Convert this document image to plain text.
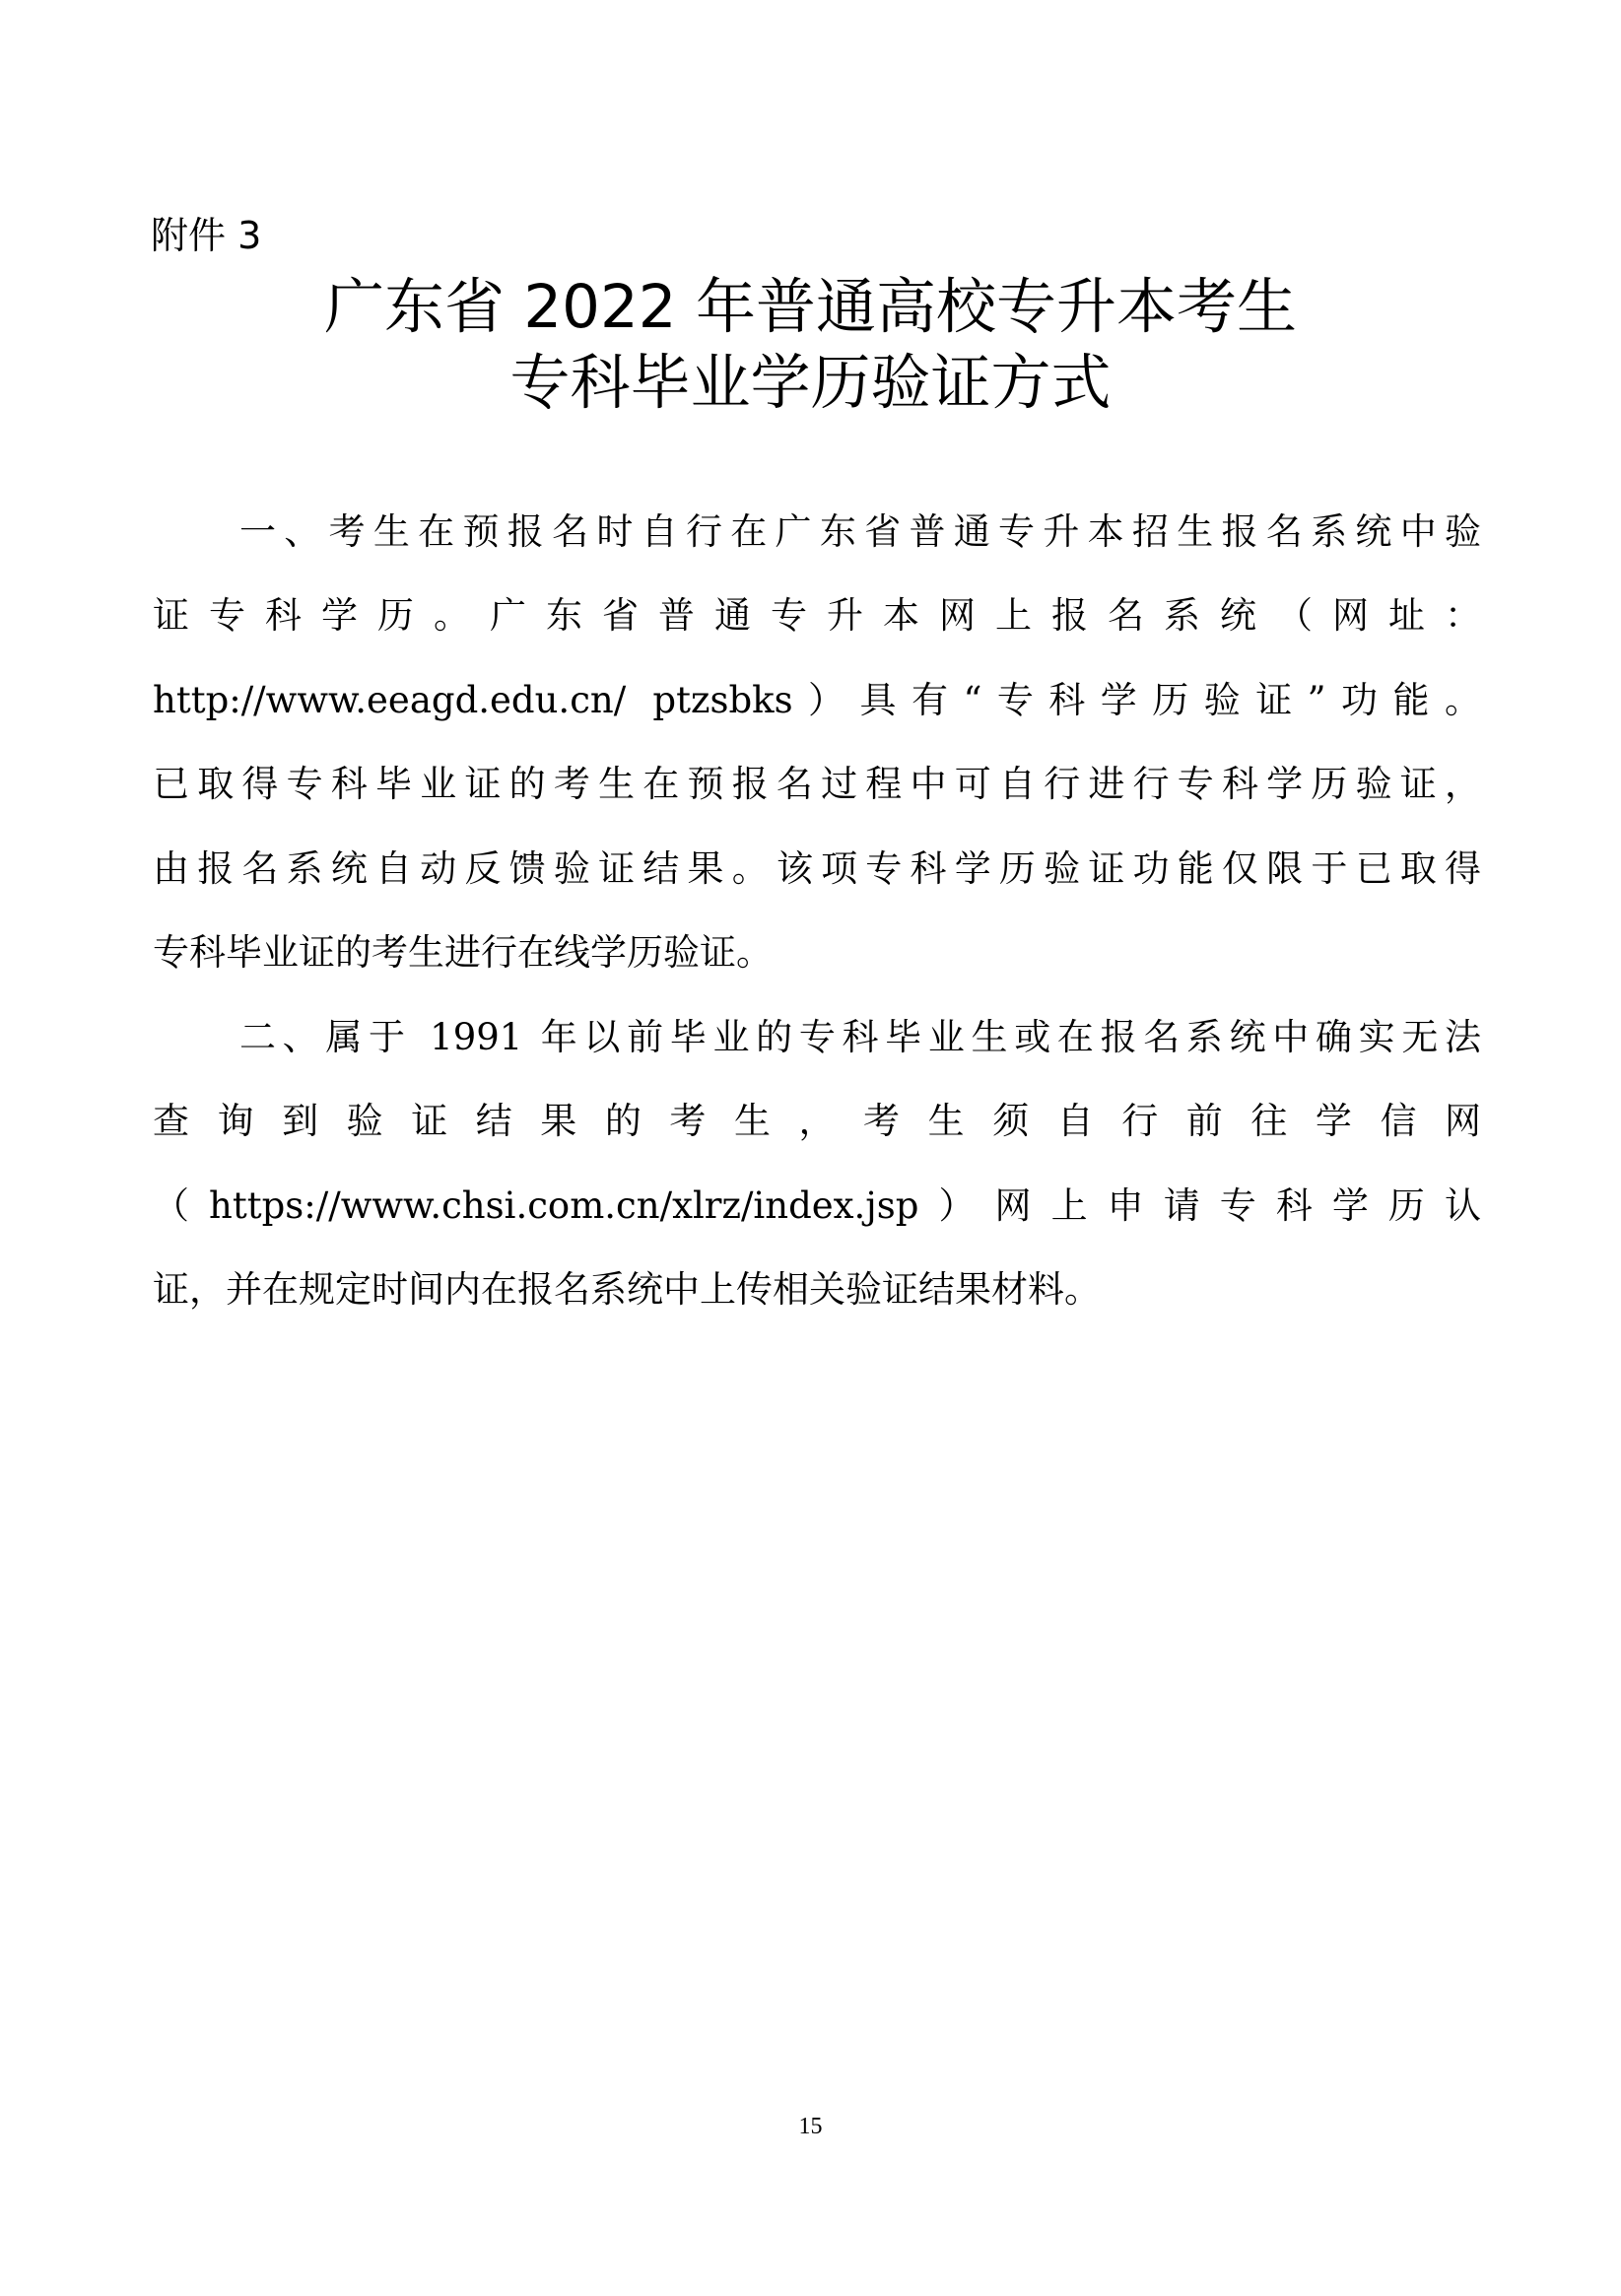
附件 3
广东省 2022 年普通高校专升本考生
专科毕业学历验证方式
一、考生在预报名时自行在广东省普通专升本招生报名系统中验
证专科学历。广东省普通专升本网上报名系统（网址：
http://www.eeagd.edu.cn/ ptzsbks）具有“专科学历验证”功能。
已取得专科毕业证的考生在预报名过程中可自行进行专科学历验证，
由报名系统自动反馈验证结果。该项专科学历验证功能仅限于已取得
专科毕业证的考生进行在线学历验证。
二、属于 1991 年以前毕业的专科毕业生或在报名系统中确实无法
查询到验证结果的考生，考生须自行前往学信网
（https://www.chsi.com.cn/xlrz/index.jsp）网上申请专科学历认
证，并在规定时间内在报名系统中上传相关验证结果材料。
15
